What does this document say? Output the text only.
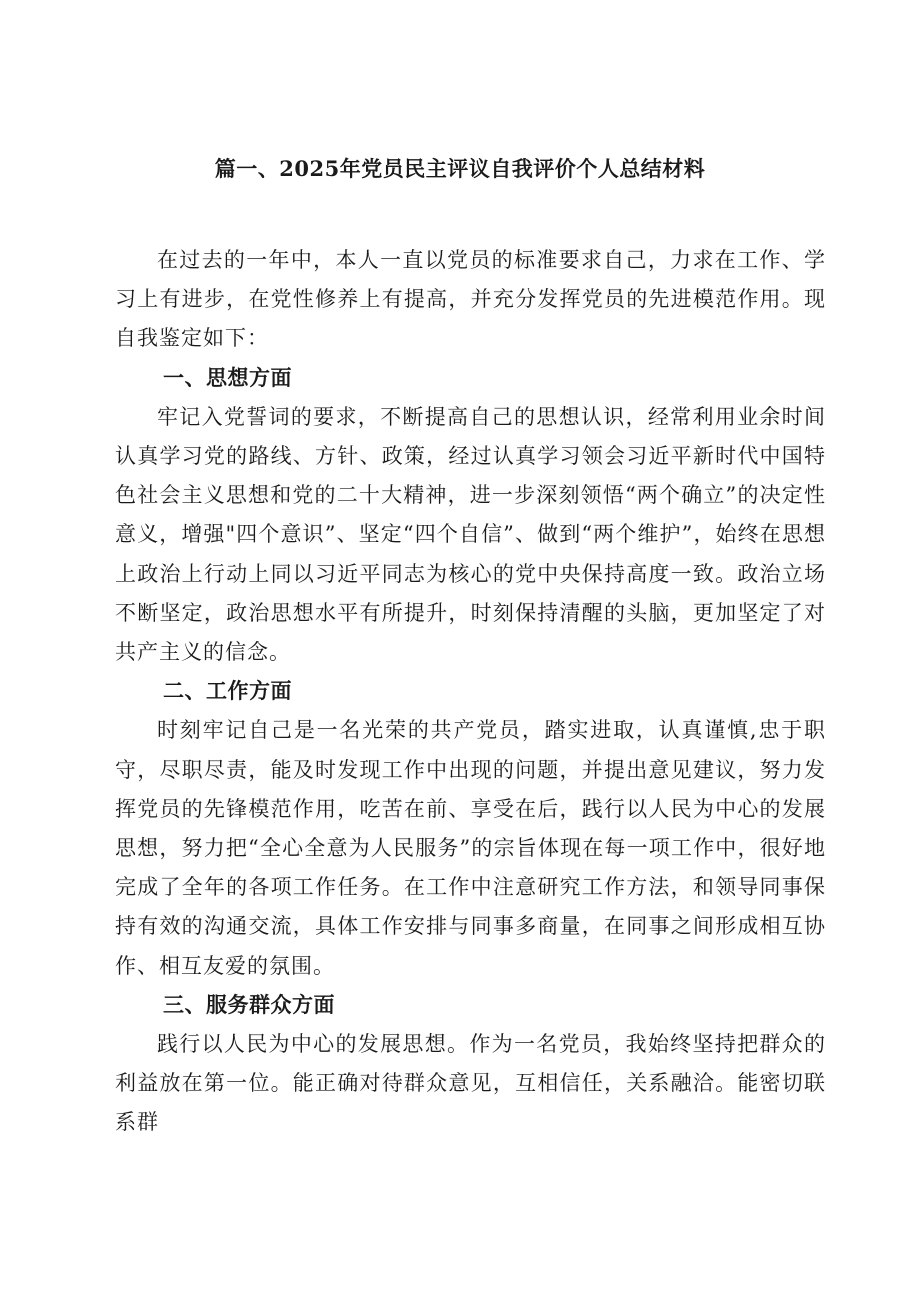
篇一、2025年党员民主评议自我评价个人总结材料

在过去的一年中，本人一直以党员的标准要求自己，力求在工作、学习上有进步，在党性修养上有提高，并充分发挥党员的先进模范作用。现自我鉴定如下：

一、思想方面

牢记入党誓词的要求，不断提高自己的思想认识，经常利用业余时间认真学习党的路线、方针、政策，经过认真学习领会习近平新时代中国特色社会主义思想和党的二十大精神，进一步深刻领悟“两个确立”的决定性意义，增强"四个意识”、坚定“四个自信”、做到“两个维护”，始终在思想上政治上行动上同以习近平同志为核心的党中央保持高度一致。政治立场不断坚定，政治思想水平有所提升，时刻保持清醒的头脑，更加坚定了对共产主义的信念。

二、工作方面

时刻牢记自己是一名光荣的共产党员，踏实进取，认真谨慎,忠于职守，尽职尽责，能及时发现工作中出现的问题，并提出意见建议，努力发挥党员的先锋模范作用，吃苦在前、享受在后，践行以人民为中心的发展思想，努力把“全心全意为人民服务”的宗旨体现在每一项工作中，很好地完成了全年的各项工作任务。在工作中注意研究工作方法，和领导同事保持有效的沟通交流，具体工作安排与同事多商量，在同事之间形成相互协作、相互友爱的氛围。

三、服务群众方面

践行以人民为中心的发展思想。作为一名党员，我始终坚持把群众的利益放在第一位。能正确对待群众意见，互相信任，关系融洽。能密切联系群
